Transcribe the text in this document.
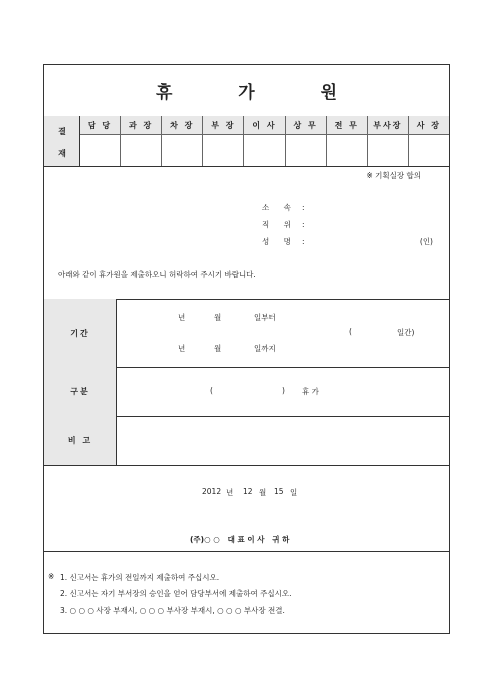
휴 가 원
결
재
담 당	과 장	차 장	부 장	이 사	상 무	전 무	부사장	사 장
※ 기획실장 합의
소 속 :
직 위 :
성 명 :	(인)
아래와 같이 휴가원을 제출하오니 허락하여 주시기 바랍니다.
기간
년	월	일부터
(	일간)
년	월	일까지
구분	(	) 휴 가
비 고
2012 년 12 월 15 일
(주)○ ○   대 표 이 사   귀 하
※ 1. 신고서는 휴가의 전일까지 제출하여 주십시오.
2. 신고서는 자기 부서장의 승인을 얻어 담당부서에 제출하여 주십시오.
3. ○ ○ ○ 사장 부재시, ○ ○ ○ 부사장 부재시, ○ ○ ○ 부사장 전결.
